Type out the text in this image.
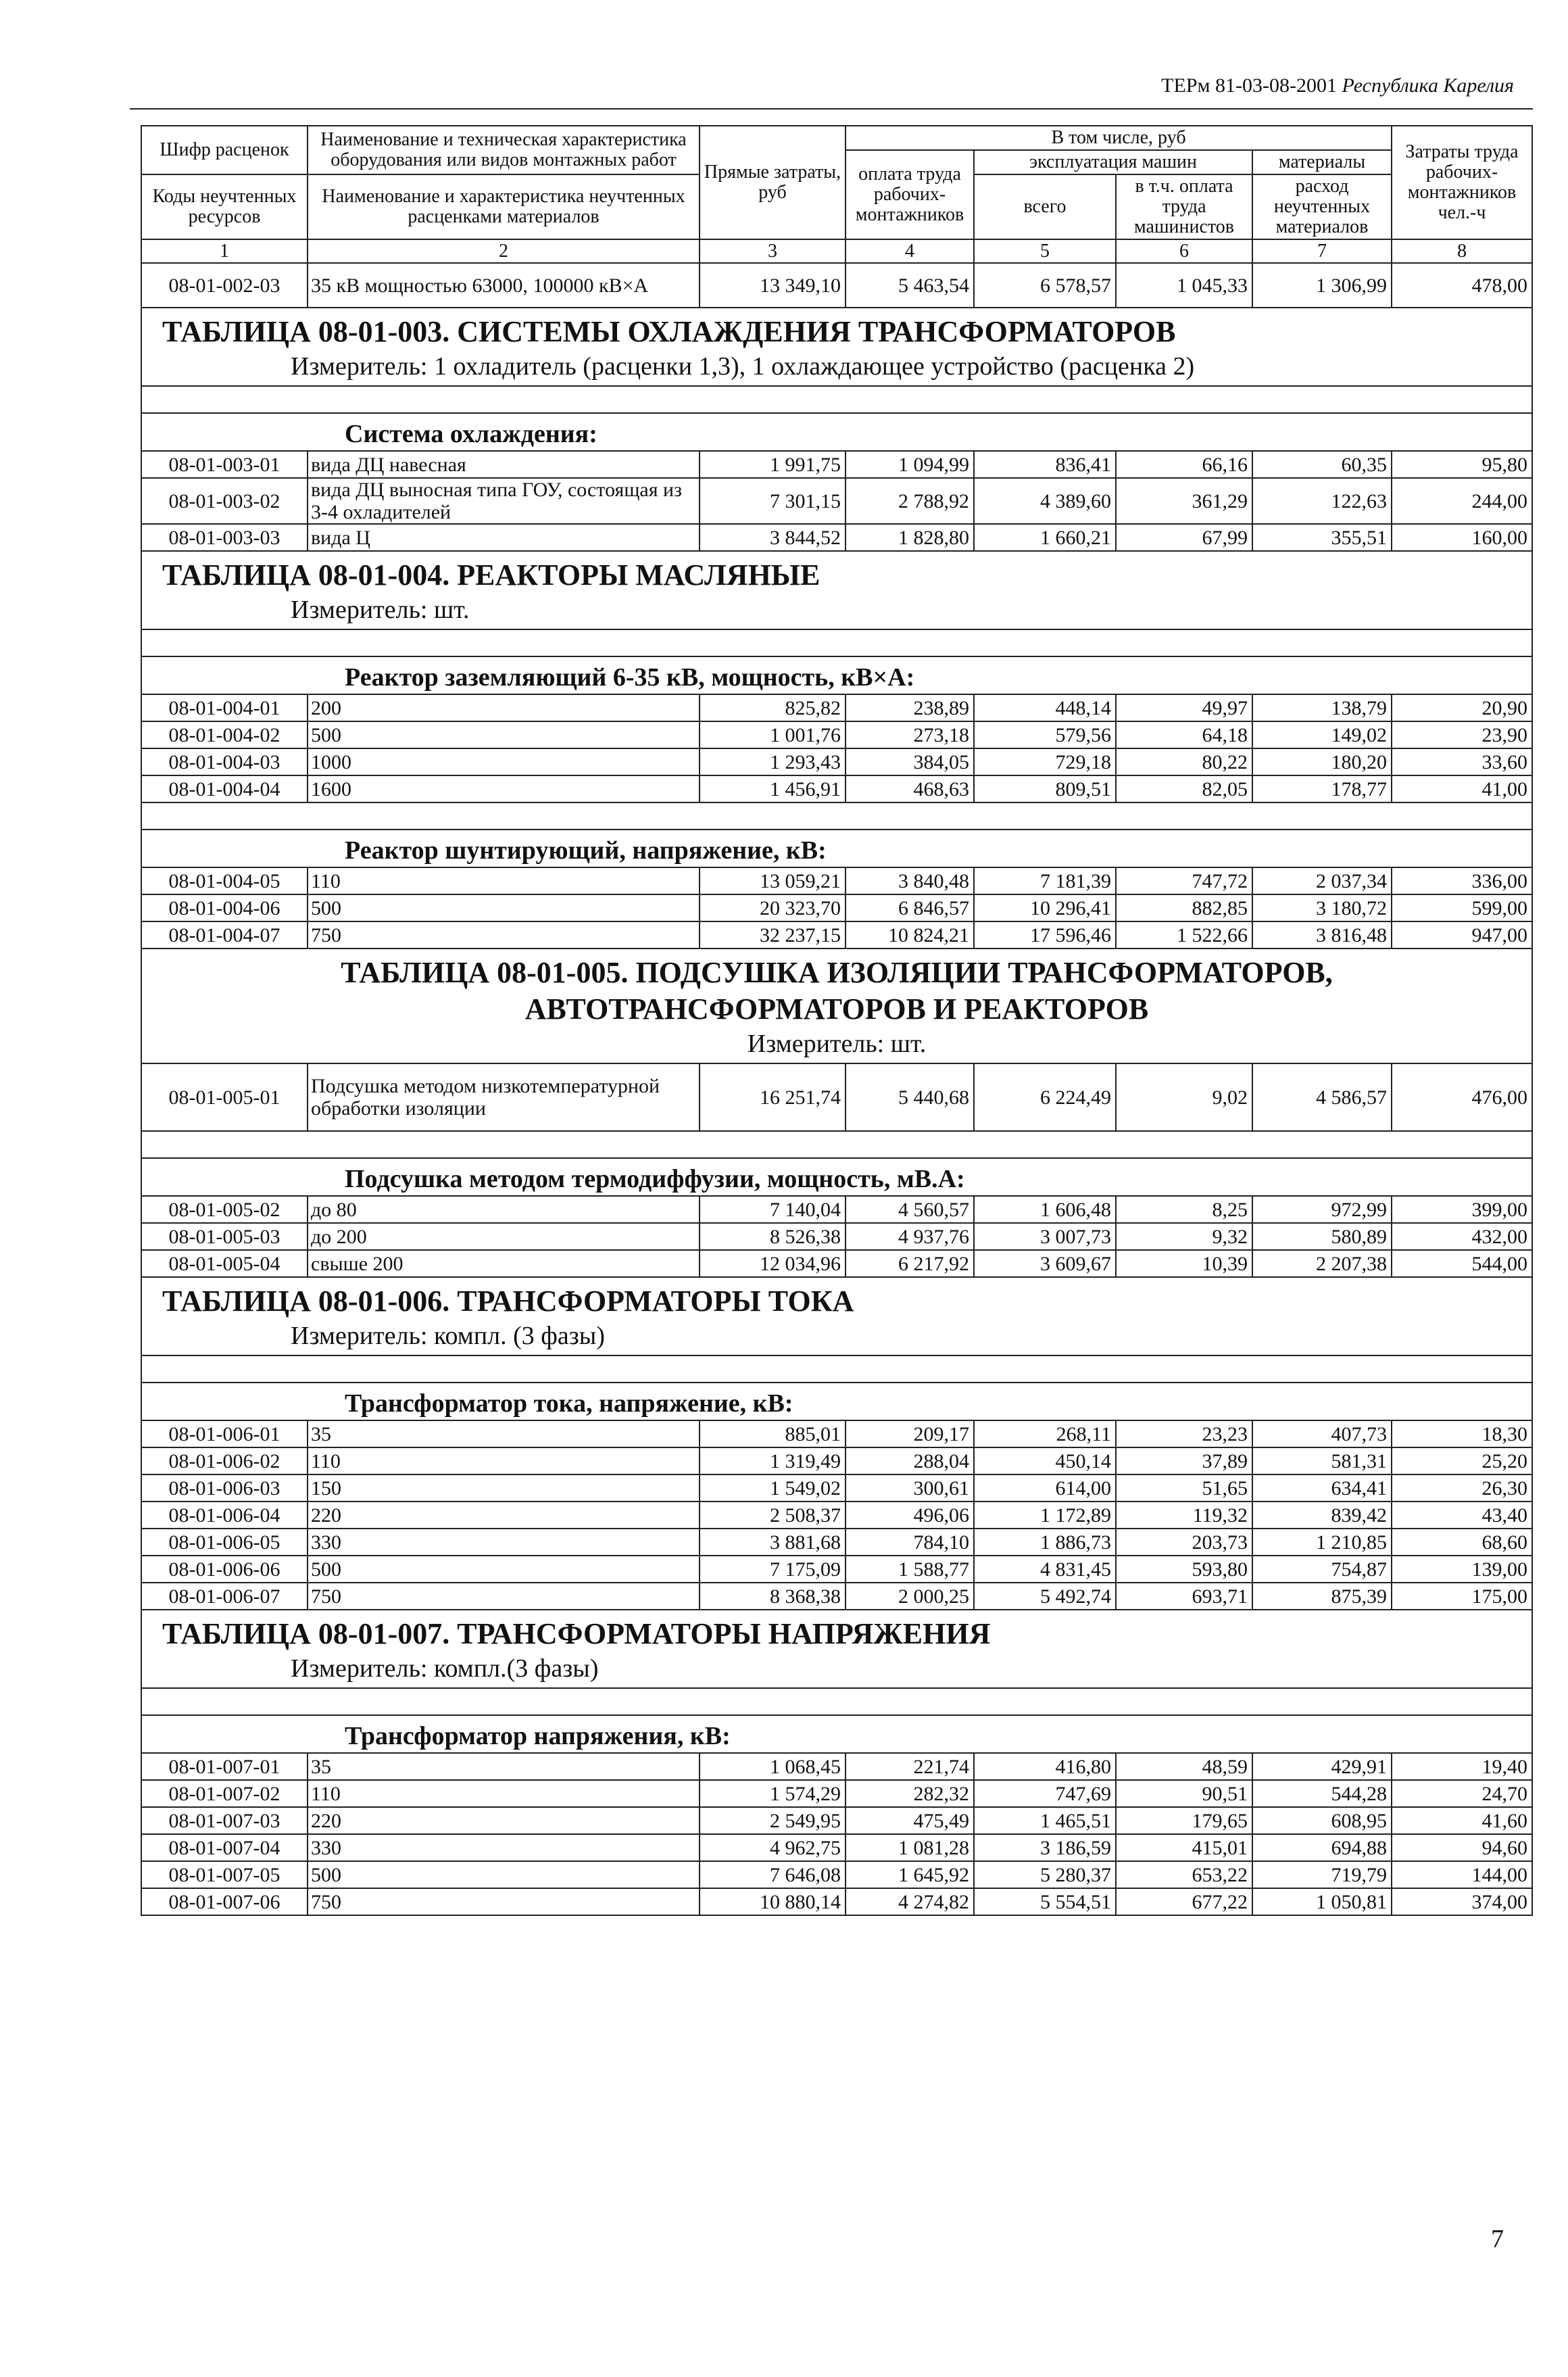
ТЕРм 81-03-08-2001 Республика Карелия
Шифр расценок	Наименование и техническая характеристика оборудования или видов монтажных работ	Прямые затраты, руб	В том числе, руб				Затраты труда рабочих-монтажников чел.-ч
			оплата труда рабочих-монтажников	эксплуатация машин		материалы	

Коды неучтенных ресурсов	Наименование и характеристика неучтенных расценками материалов			всего	в т.ч. оплата труда машинистов	расход неучтенных материалов	
1	2	3	4	5	6	7	8
08-01-002-03	35 кВ мощностью 63000, 100000 кВ×А	13 349,10	5 463,54	6 578,57	1 045,33	1 306,99	478,00

ТАБЛИЦА 08-01-003. СИСТЕМЫ ОХЛАЖДЕНИЯ ТРАНСФОРМАТОРОВ
Измеритель: 1 охладитель (расценки 1,3), 1 охлаждающее устройство (расценка 2)							

Система охлаждения:							
08-01-003-01	вида ДЦ навесная	1 991,75	1 094,99	836,41	66,16	60,35	95,80
08-01-003-02	вида ДЦ выносная типа ГОУ, состоящая из 3-4 охладителей	7 301,15	2 788,92	4 389,60	361,29	122,63	244,00
08-01-003-03	вида Ц	3 844,52	1 828,80	1 660,21	67,99	355,51	160,00

ТАБЛИЦА 08-01-004. РЕАКТОРЫ МАСЛЯНЫЕ
Измеритель: шт.							

Реактор заземляющий 6-35 кВ, мощность, кВ×А:							
08-01-004-01	200	825,82	238,89	448,14	49,97	138,79	20,90
08-01-004-02	500	1 001,76	273,18	579,56	64,18	149,02	23,90
08-01-004-03	1000	1 293,43	384,05	729,18	80,22	180,20	33,60
08-01-004-04	1600	1 456,91	468,63	809,51	82,05	178,77	41,00

Реактор шунтирующий, напряжение, кВ:							
08-01-004-05	110	13 059,21	3 840,48	7 181,39	747,72	2 037,34	336,00
08-01-004-06	500	20 323,70	6 846,57	10 296,41	882,85	3 180,72	599,00
08-01-004-07	750	32 237,15	10 824,21	17 596,46	1 522,66	3 816,48	947,00

ТАБЛИЦА 08-01-005. ПОДСУШКА ИЗОЛЯЦИИ ТРАНСФОРМАТОРОВ,
АВТОТРАНСФОРМАТОРОВ И РЕАКТОРОВ
Измеритель: шт.							

08-01-005-01	Подсушка методом низкотемпературной обработки изоляции	16 251,74	5 440,68	6 224,49	9,02	4 586,57	476,00

Подсушка методом термодиффузии, мощность, мВ.А:							
08-01-005-02	до 80	7 140,04	4 560,57	1 606,48	8,25	972,99	399,00
08-01-005-03	до 200	8 526,38	4 937,76	3 007,73	9,32	580,89	432,00
08-01-005-04	свыше 200	12 034,96	6 217,92	3 609,67	10,39	2 207,38	544,00

ТАБЛИЦА 08-01-006. ТРАНСФОРМАТОРЫ ТОКА
Измеритель: компл. (3 фазы)							

Трансформатор тока, напряжение, кВ:							
08-01-006-01	35	885,01	209,17	268,11	23,23	407,73	18,30
08-01-006-02	110	1 319,49	288,04	450,14	37,89	581,31	25,20
08-01-006-03	150	1 549,02	300,61	614,00	51,65	634,41	26,30
08-01-006-04	220	2 508,37	496,06	1 172,89	119,32	839,42	43,40
08-01-006-05	330	3 881,68	784,10	1 886,73	203,73	1 210,85	68,60
08-01-006-06	500	7 175,09	1 588,77	4 831,45	593,80	754,87	139,00
08-01-006-07	750	8 368,38	2 000,25	5 492,74	693,71	875,39	175,00

ТАБЛИЦА 08-01-007. ТРАНСФОРМАТОРЫ НАПРЯЖЕНИЯ
Измеритель: компл.(3 фазы)							

Трансформатор напряжения, кВ:							
08-01-007-01	35	1 068,45	221,74	416,80	48,59	429,91	19,40
08-01-007-02	110	1 574,29	282,32	747,69	90,51	544,28	24,70
08-01-007-03	220	2 549,95	475,49	1 465,51	179,65	608,95	41,60
08-01-007-04	330	4 962,75	1 081,28	3 186,59	415,01	694,88	94,60
08-01-007-05	500	7 646,08	1 645,92	5 280,37	653,22	719,79	144,00
08-01-007-06	750	10 880,14	4 274,82	5 554,51	677,22	1 050,81	374,00
7
